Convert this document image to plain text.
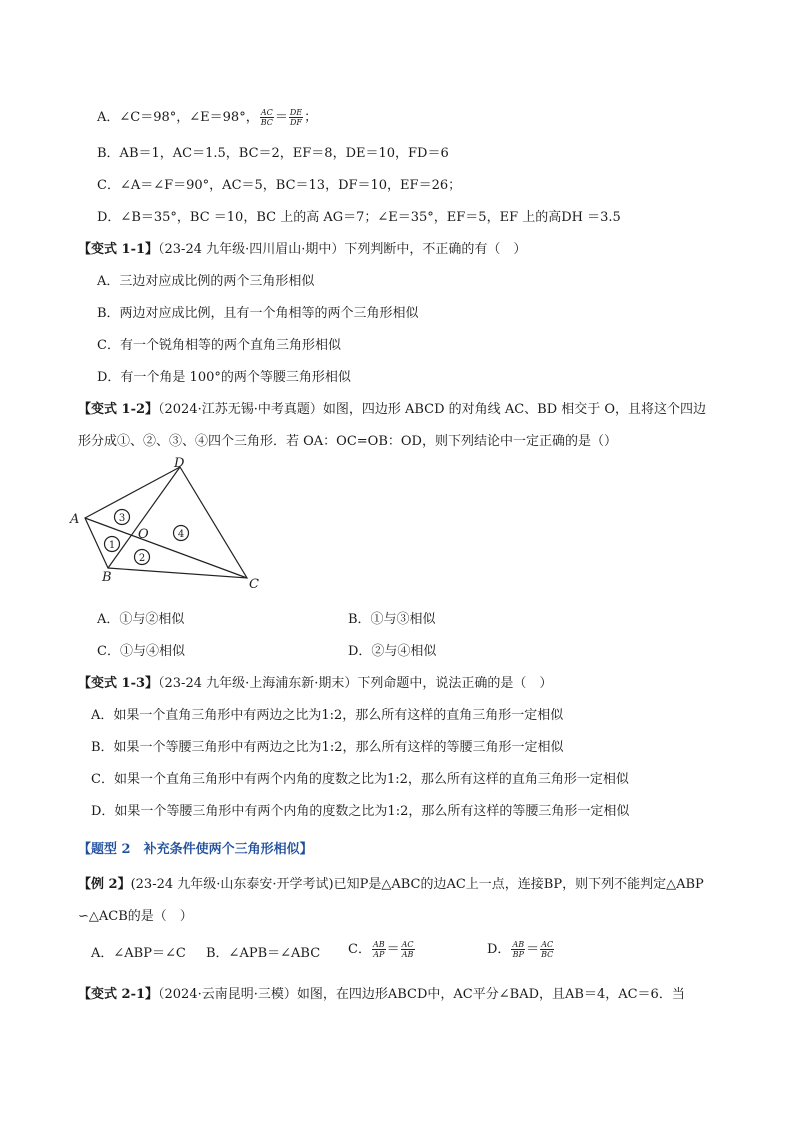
A．∠C＝98°，∠E＝98°， $\frac{AC}{BC} = \frac{DE}{DF}$ ；
B．AB＝1，AC＝1.5，BC＝2，EF＝8，DE＝10，FD＝6
C．∠A＝∠F＝90°，AC＝5，BC＝13，DF＝10，EF＝26；
D．∠B＝35°，BC ＝10，BC 上的高 AG＝7；∠E＝35°，EF＝5，EF 上的高DH ＝3.5
【变式 1-1】（23-24 九年级·四川眉山·期中）下列判断中，不正确的有（　）
A．三边对应成比例的两个三角形相似
B．两边对应成比例，且有一个角相等的两个三角形相似
C．有一个锐角相等的两个直角三角形相似
D．有一个角是 100°的两个等腰三角形相似
【变式 1-2】（2024·江苏无锡·中考真题）如图，四边形 ABCD 的对角线 AC、BD 相交于 O，且将这个四边
形分成①、②、③、④四个三角形．若 OA：OC=OB：OD，则下列结论中一定正确的是（）
A
B	C
D
O
3
1
2
4
A．①与②相似	B．①与③相似
C．①与④相似	D．②与④相似
【变式 1-3】（23-24 九年级·上海浦东新·期末）下列命题中，说法正确的是（　）
A．如果一个直角三角形中有两边之比为1:2，那么所有这样的直角三角形一定相似
B．如果一个等腰三角形中有两边之比为1:2，那么所有这样的等腰三角形一定相似
C．如果一个直角三角形中有两个内角的度数之比为1:2，那么所有这样的直角三角形一定相似
D．如果一个等腰三角形中有两个内角的度数之比为1:2，那么所有这样的等腰三角形一定相似
【题型 2　补充条件使两个三角形相似】
【例 2】(23-24 九年级·山东泰安·开学考试)已知P是△ABC的边AC上一点，连接BP，则下列不能判定△ABP
∽△ACB的是（　）
A．∠ABP＝∠C B．∠APB＝∠ABC C． $\frac{AB}{AP} = \frac{AC}{AB}$	D． $\frac{AB}{BP} = \frac{AC}{BC}$
【变式 2-1】（2024·云南昆明·三模）如图，在四边形ABCD中，AC平分∠BAD，且AB＝4，AC＝6．当
